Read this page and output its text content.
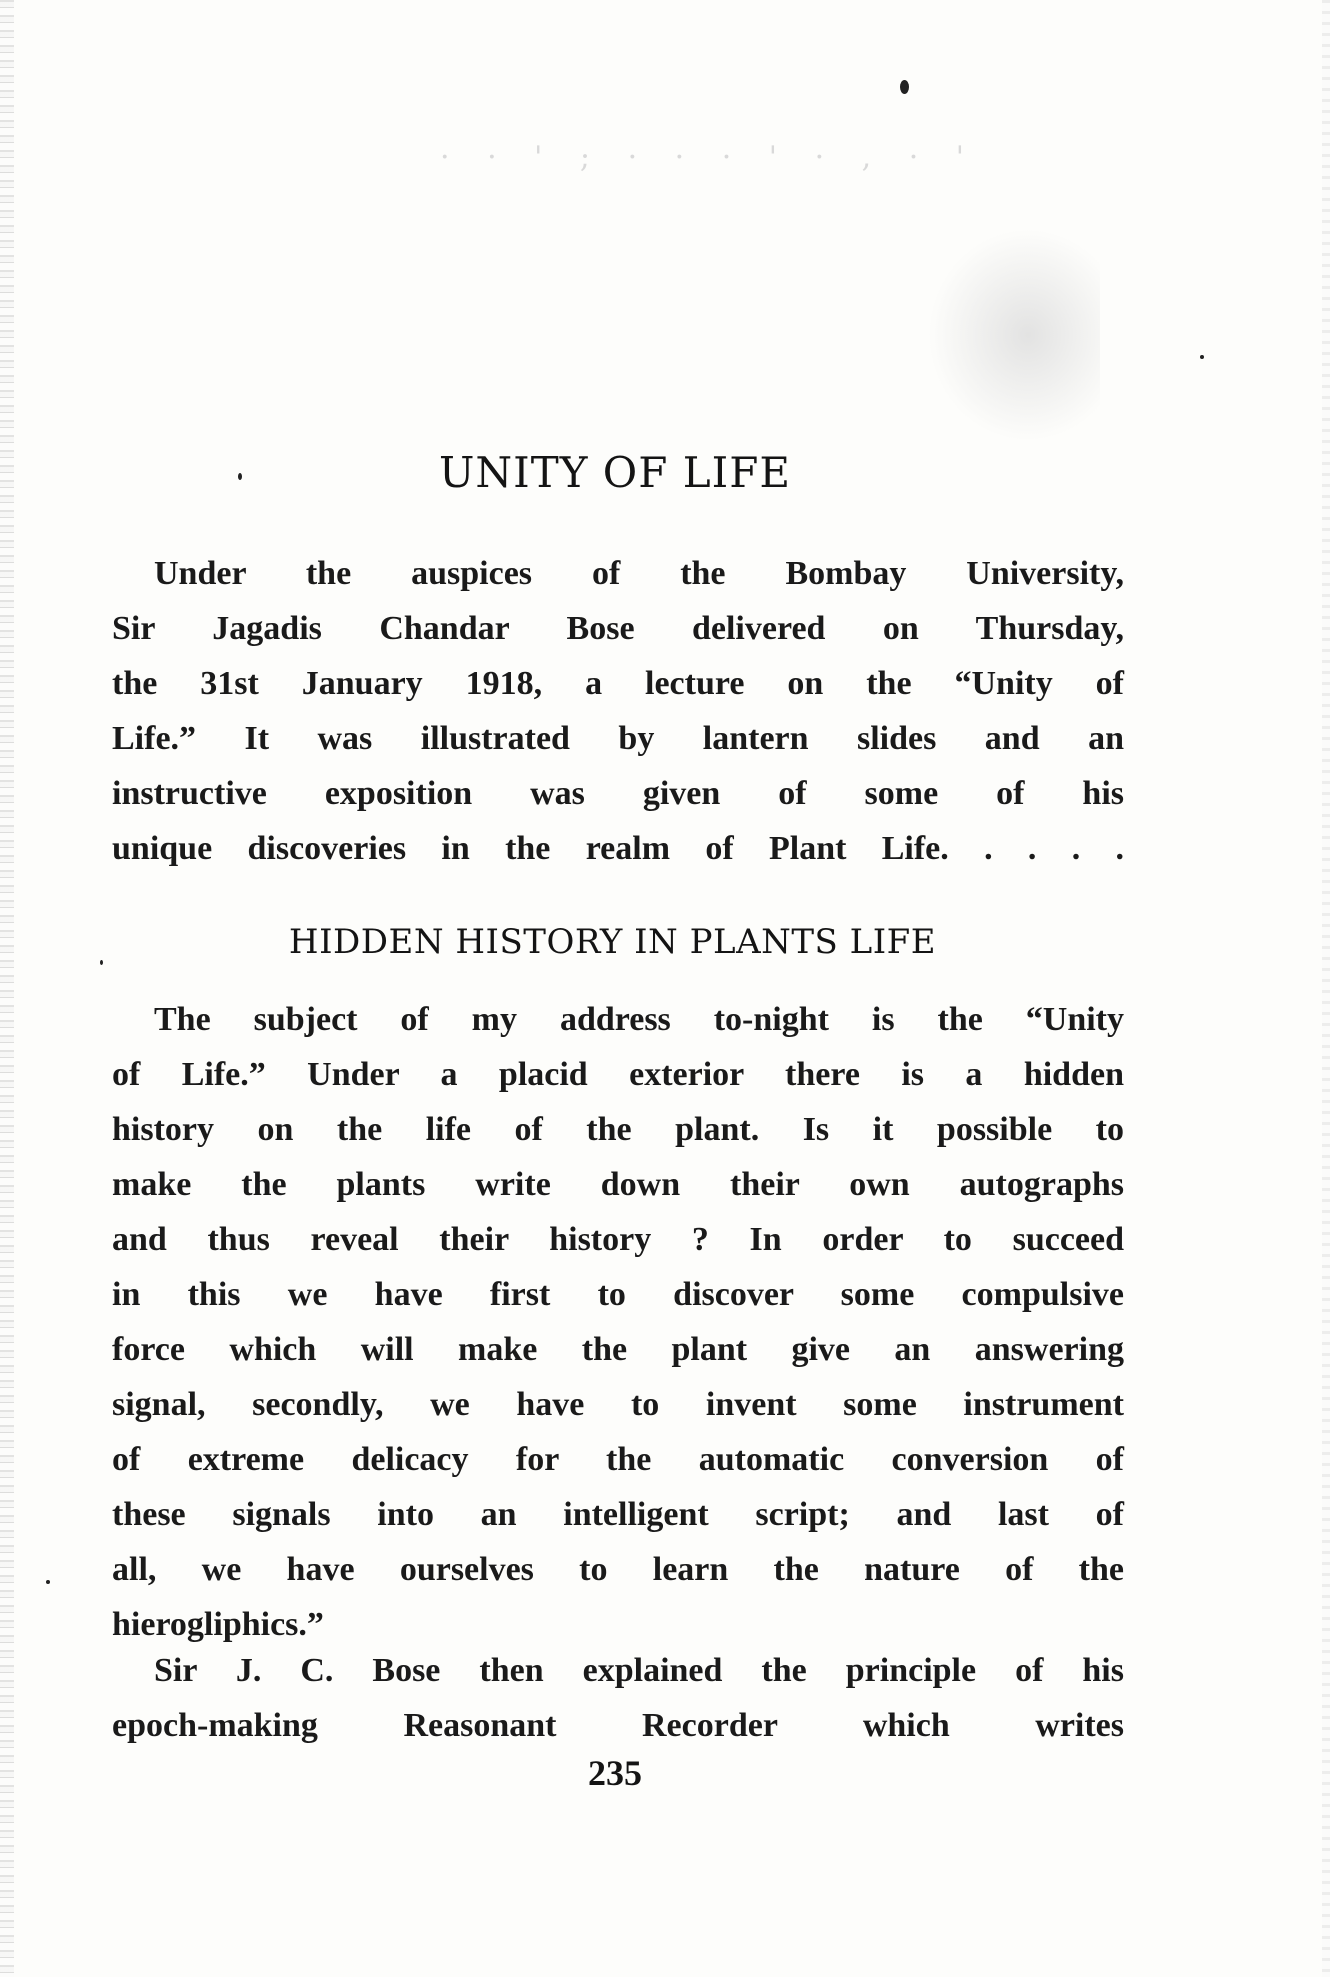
· · ' ; · · · ' · , · '
UNITY OF LIFE
Under the auspices of the Bombay University,
Sir Jagadis Chandar Bose delivered on Thursday,
the 31st January 1918, a lecture on the “Unity of
Life.” It was illustrated by lantern slides and an
instructive exposition was given of some of his
unique discoveries in the realm of Plant Life. . . . .
HIDDEN HISTORY IN PLANTS LIFE
The subject of my address to-night is the “Unity
of Life.” Under a placid exterior there is a hidden
history on the life of the plant. Is it possible to
make the plants write down their own autographs
and thus reveal their history ? In order to succeed
in this we have first to discover some compulsive
force which will make the plant give an answering
signal, secondly, we have to invent some instrument
of extreme delicacy for the automatic conversion of
these signals into an intelligent script; and last of
all, we have ourselves to learn the nature of the
hierogliphics.”
Sir J. C. Bose then explained the principle of his
epoch-making Reasonant Recorder which writes
235
